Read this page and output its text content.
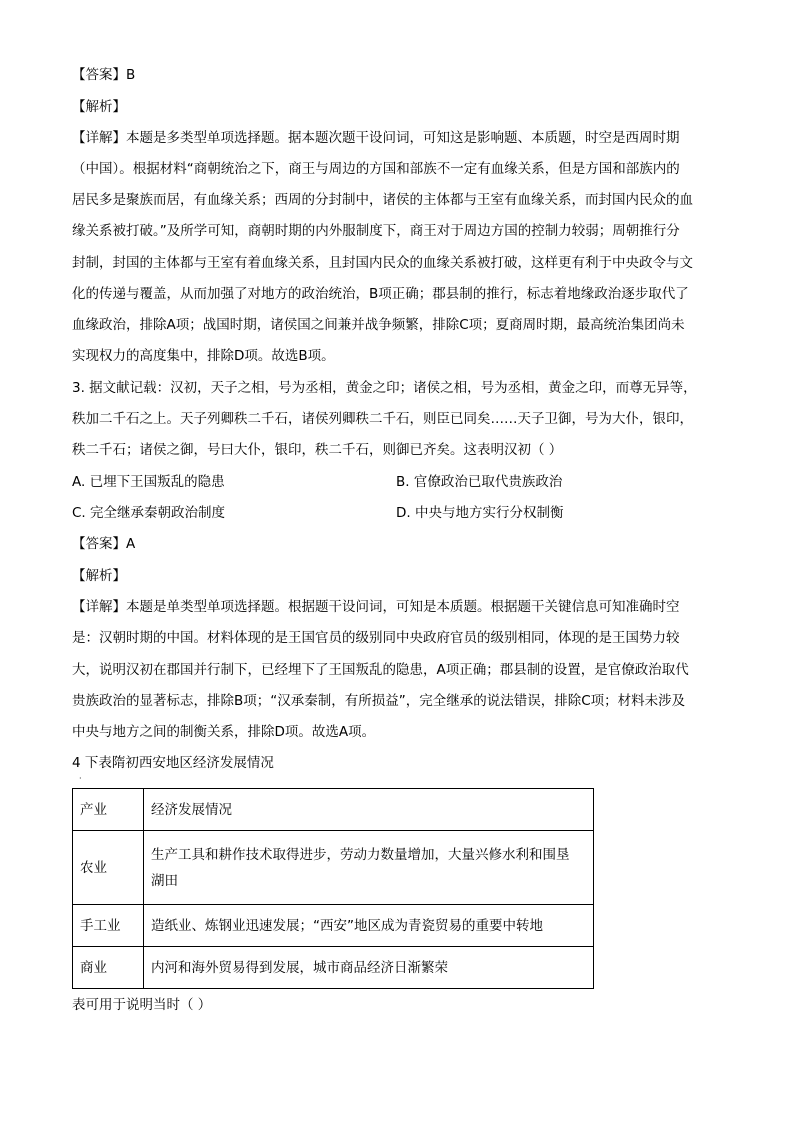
【答案】B
【解析】
【详解】本题是多类型单项选择题。据本题次题干设问词，可知这是影响题、本质题，时空是西周时期
（中国）。根据材料“商朝统治之下，商王与周边的方国和部族不一定有血缘关系，但是方国和部族内的
居民多是聚族而居，有血缘关系；西周的分封制中，诸侯的主体都与王室有血缘关系，而封国内民众的血
缘关系被打破。”及所学可知，商朝时期的内外服制度下，商王对于周边方国的控制力较弱；周朝推行分
封制，封国的主体都与王室有着血缘关系，且封国内民众的血缘关系被打破，这样更有利于中央政令与文
化的传递与覆盖，从而加强了对地方的政治统治，B项正确；郡县制的推行，标志着地缘政治逐步取代了
血缘政治，排除A项；战国时期，诸侯国之间兼并战争频繁，排除C项；夏商周时期，最高统治集团尚未
实现权力的高度集中，排除D项。故选B项。
3. 据文献记载：汉初，天子之相，号为丞相，黄金之印；诸侯之相，号为丞相，黄金之印，而尊无异等，
秩加二千石之上。天子列卿秩二千石，诸侯列卿秩二千石，则臣已同矣……天子卫御，号为大仆，银印，
秩二千石；诸侯之御，号曰大仆，银印，秩二千石，则御已齐矣。这表明汉初（ ）
A. 已埋下王国叛乱的隐患	B. 官僚政治已取代贵族政治
C. 完全继承秦朝政治制度	D. 中央与地方实行分权制衡
【答案】A
【解析】
【详解】本题是单类型单项选择题。根据题干设问词，可知是本质题。根据题干关键信息可知准确时空
是：汉朝时期的中国。材料体现的是王国官员的级别同中央政府官员的级别相同，体现的是王国势力较
大，说明汉初在郡国并行制下，已经埋下了王国叛乱的隐患，A项正确；郡县制的设置，是官僚政治取代
贵族政治的显著标志，排除B项；“汉承秦制，有所损益”，完全继承的说法错误，排除C项；材料未涉及
中央与地方之间的制衡关系，排除D项。故选A项。
4 下表隋初西安地区经济发展情况
·
产业	经济发展情况
农业	生产工具和耕作技术取得进步，劳动力数量增加，大量兴修水利和围垦
湖田

手工业	造纸业、炼钢业迅速发展；“西安”地区成为青瓷贸易的重要中转地
商业	内河和海外贸易得到发展，城市商品经济日渐繁荣
表可用于说明当时（ ）
